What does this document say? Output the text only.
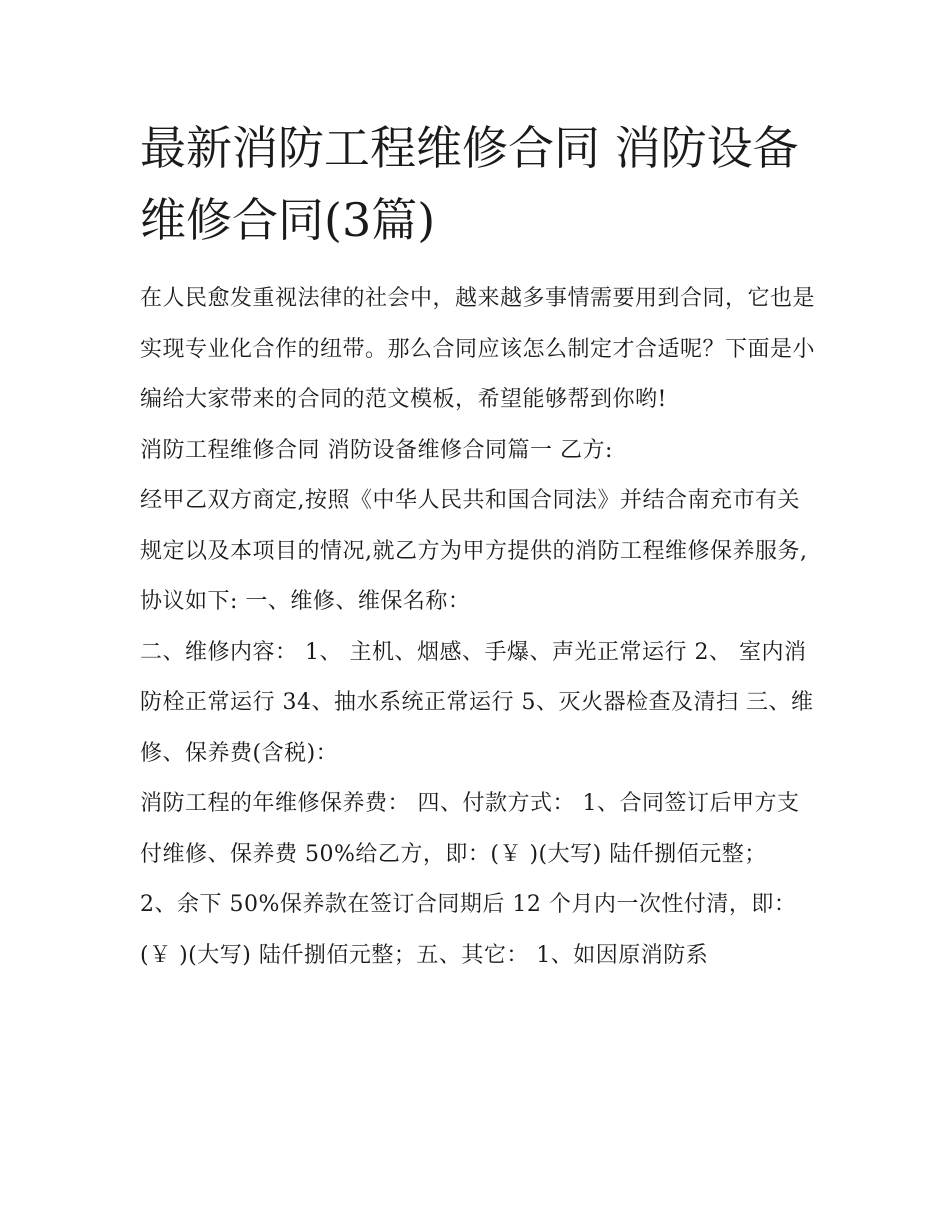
最新消防工程维修合同 消防设备维修合同(3篇)

在人民愈发重视法律的社会中，越来越多事情需要用到合同，它也是实现专业化合作的纽带。那么合同应该怎么制定才合适呢？下面是小编给大家带来的合同的范文模板，希望能够帮到你哟!

消防工程维修合同 消防设备维修合同篇一 乙方:

经甲乙双方商定,按照《中华人民共和国合同法》并结合南充市有关规定以及本项目的情况,就乙方为甲方提供的消防工程维修保养服务,协议如下: 一、维修、维保名称：

二、维修内容： 1、 主机、烟感、手爆、声光正常运行 2、 室内消防栓正常运行 34、抽水系统正常运行 5、灭火器检查及清扫 三、维修、保养费(含税)：

消防工程的年维修保养费： 四、付款方式： 1、合同签订后甲方支付维修、保养费 50%给乙方，即：(￥ )(大写) 陆仟捌佰元整；

2、余下 50%保养款在签订合同期后 12 个月内一次性付清，即：(￥ )(大写) 陆仟捌佰元整；五、其它： 1、如因原消防系
